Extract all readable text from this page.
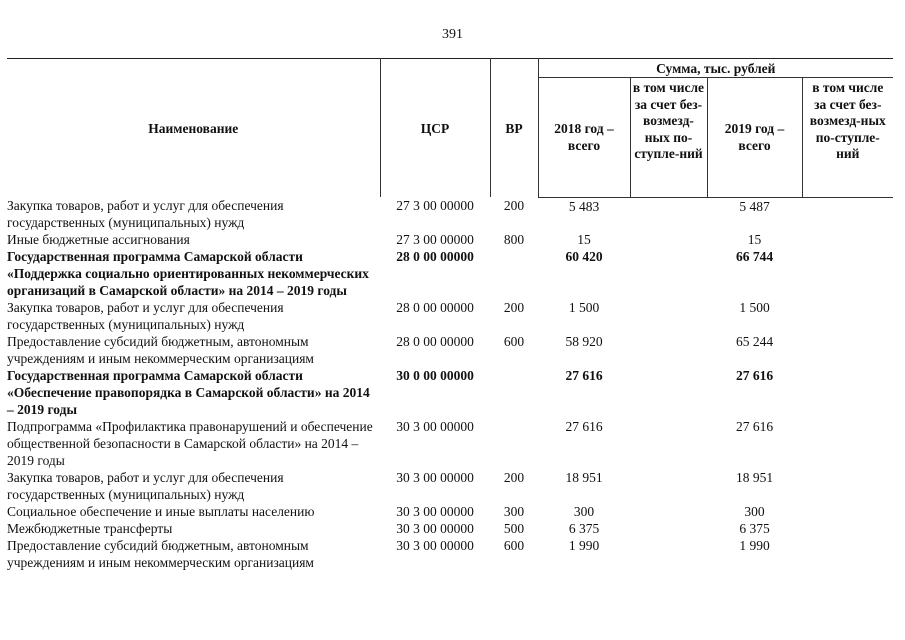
391
Наименование	ЦСР	ВР	Сумма, тыс. рублей			
			2018 год – всего	в том числе за счет без-возмезд-ных по-ступле-ний	2019 год – всего	в том числе за счет без-возмезд-ных по-ступле-ний
Закупка товаров, работ и услуг для обеспечения государственных (муниципальных) нужд	27 3 00 00000	200	5 483		5 487	
Иные бюджетные ассигнования	27 3 00 00000	800	15		15	
Государственная программа Самарской области «Поддержка социально ориентированных некоммерческих организаций в Самарской области» на 2014 – 2019 годы	28 0 00 00000		60 420		66 744	
Закупка товаров, работ и услуг для обеспечения государственных (муниципальных) нужд	28 0 00 00000	200	1 500		1 500	
Предоставление субсидий бюджетным, автономным учреждениям и иным некоммерческим организациям	28 0 00 00000	600	58 920		65 244	
Государственная программа Самарской области «Обеспечение правопорядка в Самарской области» на 2014 – 2019 годы	30 0 00 00000		27 616		27 616	
Подпрограмма «Профилактика правонарушений и обеспечение общественной безопасности в Самарской области» на 2014 – 2019 годы	30 3 00 00000		27 616		27 616	
Закупка товаров, работ и услуг для обеспечения государственных (муниципальных) нужд	30 3 00 00000	200	18 951		18 951	
Социальное обеспечение и иные выплаты населению	30 3 00 00000	300	300		300	
Межбюджетные трансферты	30 3 00 00000	500	6 375		6 375	
Предоставление субсидий бюджетным, автономным учреждениям и иным некоммерческим организациям	30 3 00 00000	600	1 990		1 990	
